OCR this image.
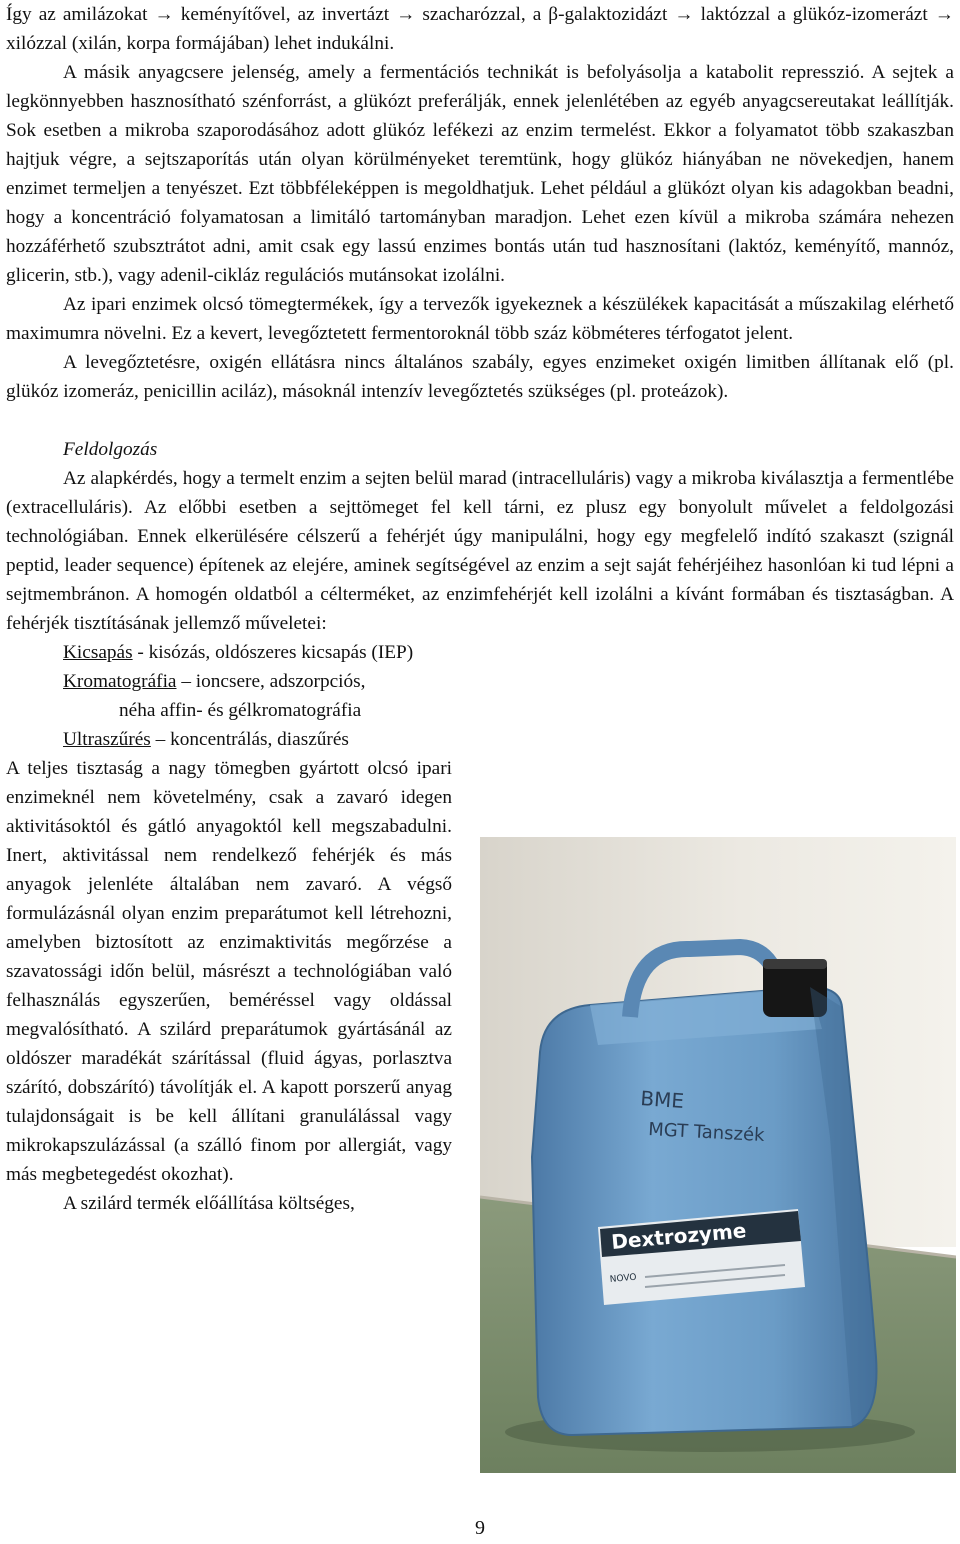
Így az amilázokat → keményítővel, az invertázt → szacharózzal, a β-galaktozidázt → laktózzal a glükóz-izomerázt → xilózzal (xilán, korpa formájában) lehet indukálni.

A másik anyagcsere jelenség, amely a fermentációs technikát is befolyásolja a katabolit represszió. A sejtek a legkönnyebben hasznosítható szénforrást, a glükózt preferálják, ennek jelenlétében az egyéb anyagcsereutakat leállítják. Sok esetben a mikroba szaporodásához adott glükóz lefékezi az enzim termelést. Ekkor a folyamatot több szakaszban hajtjuk végre, a sejtszaporítás után olyan körülményeket teremtünk, hogy glükóz hiányában ne növekedjen, hanem enzimet termeljen a tenyészet. Ezt többféleképpen is megoldhatjuk. Lehet például a glükózt olyan kis adagokban beadni, hogy a koncentráció folyamatosan a limitáló tartományban maradjon. Lehet ezen kívül a mikroba számára nehezen hozzáférhető szubsztrátot adni, amit csak egy lassú enzimes bontás után tud hasznosítani (laktóz, keményítő, mannóz, glicerin, stb.), vagy adenil-cikláz regulációs mutánsokat izolálni.

Az ipari enzimek olcsó tömegtermékek, így a tervezők igyekeznek a készülékek kapacitását a műszakilag elérhető maximumra növelni. Ez a kevert, levegőztetett fermentoroknál több száz köbméteres térfogatot jelent.

A levegőztetésre, oxigén ellátásra nincs általános szabály, egyes enzimeket oxigén limitben állítanak elő (pl. glükóz izomeráz, penicillin aciláz), másoknál intenzív levegőztetés szükséges (pl. proteázok).

Feldolgozás

Az alapkérdés, hogy a termelt enzim a sejten belül marad (intracelluláris) vagy a mikroba kiválasztja a fermentlébe (extracelluláris). Az előbbi esetben a sejttömeget fel kell tárni, ez plusz egy bonyolult művelet a feldolgozási technológiában. Ennek elkerülésére célszerű a fehérjét úgy manipulálni, hogy egy megfelelő indító szakaszt (szignál peptid, leader sequence) építenek az elejére, aminek segítségével az enzim a sejt saját fehérjéihez hasonlóan ki tud lépni a sejtmembránon. A homogén oldatból a célterméket, az enzimfehérjét kell izolálni a kívánt formában és tisztaságban. A fehérjék tisztításának jellemző műveletei:

Kicsapás - kisózás, oldószeres kicsapás (IEP)

Kromatográfia – ioncsere, adszorpciós,

néha affin- és gélkromatográfia

Ultraszűrés – koncentrálás, diaszűrés

A teljes tisztaság a nagy tömegben gyártott olcsó ipari enzimeknél nem követelmény, csak a zavaró idegen aktivitásoktól és gátló anyagoktól kell megszabadulni. Inert, aktivitással nem rendelkező fehérjék és más anyagok jelenléte általában nem zavaró. A végső formulázásnál olyan enzim preparátumot kell létrehozni, amelyben biztosított az enzimaktivitás megőrzése a szavatossági időn belül, másrészt a technológiában való felhasználás egyszerűen, beméréssel vagy oldással megvalósítható. A szilárd preparátumok gyártásánál az oldószer maradékát szárítással (fluid ágyas, porlasztva szárító, dobszárító) távolítják el. A kapott porszerű anyag tulajdonságait is be kell állítani granulálással vagy mikrokapszulázással (a szálló finom por allergiát, vagy más megbetegedést okozhat).

A szilárd termék előállítása költséges,

BME
MGT Tanszék
Dextrozyme
NOVO
9
